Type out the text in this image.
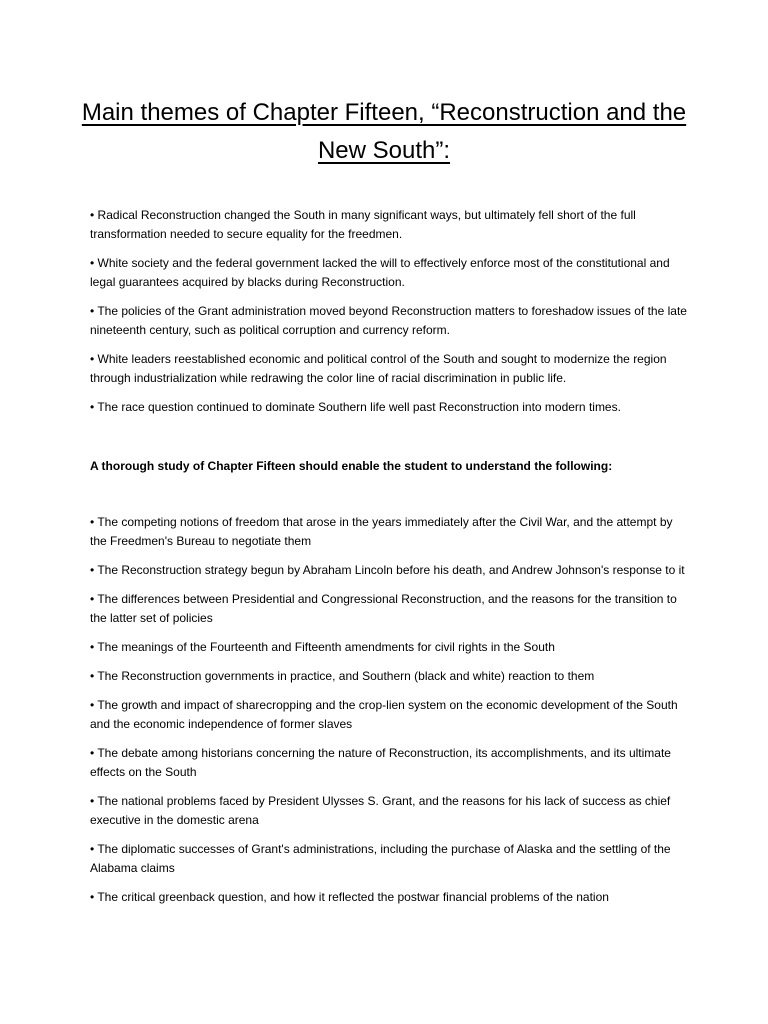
Main themes of Chapter Fifteen, “Reconstruction and the New South”:
• Radical Reconstruction changed the South in many significant ways, but ultimately fell short of the full transformation needed to secure equality for the freedmen.
• White society and the federal government lacked the will to effectively enforce most of the constitutional and legal guarantees acquired by blacks during Reconstruction.
• The policies of the Grant administration moved beyond Reconstruction matters to foreshadow issues of the late nineteenth century, such as political corruption and currency reform.
• White leaders reestablished economic and political control of the South and sought to modernize the region through industrialization while redrawing the color line of racial discrimination in public life.
• The race question continued to dominate Southern life well past Reconstruction into modern times.

A thorough study of Chapter Fifteen should enable the student to understand the following:

• The competing notions of freedom that arose in the years immediately after the Civil War, and the attempt by the Freedmen's Bureau to negotiate them
• The Reconstruction strategy begun by Abraham Lincoln before his death, and Andrew Johnson's response to it
• The differences between Presidential and Congressional Reconstruction, and the reasons for the transition to the latter set of policies
• The meanings of the Fourteenth and Fifteenth amendments for civil rights in the South
• The Reconstruction governments in practice, and Southern (black and white) reaction to them
• The growth and impact of sharecropping and the crop-lien system on the economic development of the South and the economic independence of former slaves
• The debate among historians concerning the nature of Reconstruction, its accomplishments, and its ultimate effects on the South
• The national problems faced by President Ulysses S. Grant, and the reasons for his lack of success as chief executive in the domestic arena
• The diplomatic successes of Grant's administrations, including the purchase of Alaska and the settling of the Alabama claims
• The critical greenback question, and how it reflected the postwar financial problems of the nation
